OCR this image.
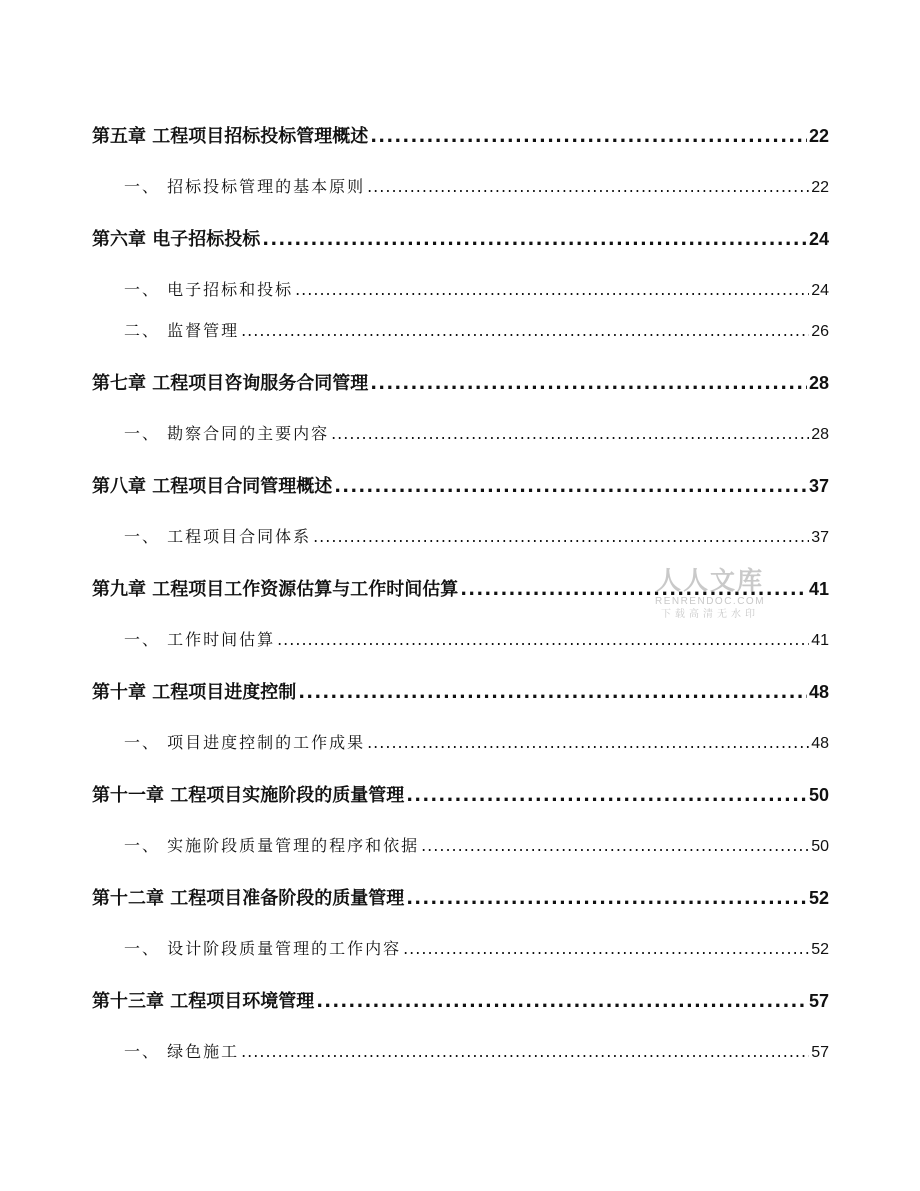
第五章 工程项目招标投标管理概述 .....	22
一、 招标投标管理的基本原则 .....	22
第六章 电子招标投标 .....	24
一、 电子招标和投标 .....	24
二、 监督管理 .....	26
第七章 工程项目咨询服务合同管理 .....	28
一、 勘察合同的主要内容 .....	28
第八章 工程项目合同管理概述 .....	37
一、 工程项目合同体系 .....	37
第九章 工程项目工作资源估算与工作时间估算 .....	41
一、 工作时间估算 .....	41
第十章 工程项目进度控制 .....	48
一、 项目进度控制的工作成果 .....	48
第十一章 工程项目实施阶段的质量管理 .....	50
一、 实施阶段质量管理的程序和依据 .....	50
第十二章 工程项目准备阶段的质量管理 .....	52
一、 设计阶段质量管理的工作内容 .....	52
第十三章 工程项目环境管理 .....	57
一、 绿色施工 .....	57
人人文库
RENRENDOC.COM
下载高清无水印
